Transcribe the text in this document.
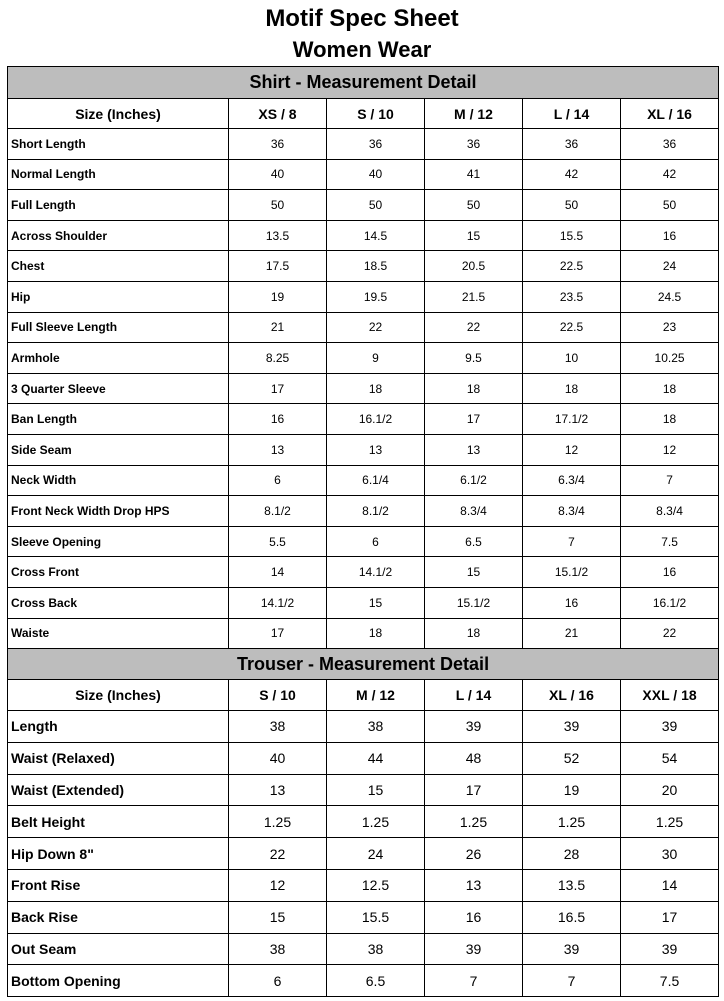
Motif Spec Sheet
Women Wear
Shirt - Measurement Detail					
Size (Inches)	XS / 8	S / 10	M / 12	L / 14	XL / 16
Short Length	36	36	36	36	36
Normal Length	40	40	41	42	42
Full Length	50	50	50	50	50
Across Shoulder	13.5	14.5	15	15.5	16
Chest	17.5	18.5	20.5	22.5	24
Hip	19	19.5	21.5	23.5	24.5
Full Sleeve Length	21	22	22	22.5	23
Armhole	8.25	9	9.5	10	10.25
3 Quarter Sleeve	17	18	18	18	18
Ban Length	16	16.1/2	17	17.1/2	18
Side Seam	13	13	13	12	12
Neck Width	6	6.1/4	6.1/2	6.3/4	7
Front Neck Width Drop HPS	8.1/2	8.1/2	8.3/4	8.3/4	8.3/4
Sleeve Opening	5.5	6	6.5	7	7.5
Cross Front	14	14.1/2	15	15.1/2	16
Cross Back	14.1/2	15	15.1/2	16	16.1/2
Waiste	17	18	18	21	22
Trouser - Measurement Detail					
Size (Inches)	S / 10	M / 12	L / 14	XL / 16	XXL / 18
Length	38	38	39	39	39
Waist (Relaxed)	40	44	48	52	54
Waist (Extended)	13	15	17	19	20
Belt Height	1.25	1.25	1.25	1.25	1.25
Hip Down 8"	22	24	26	28	30
Front Rise	12	12.5	13	13.5	14
Back Rise	15	15.5	16	16.5	17
Out Seam	38	38	39	39	39
Bottom Opening	6	6.5	7	7	7.5
